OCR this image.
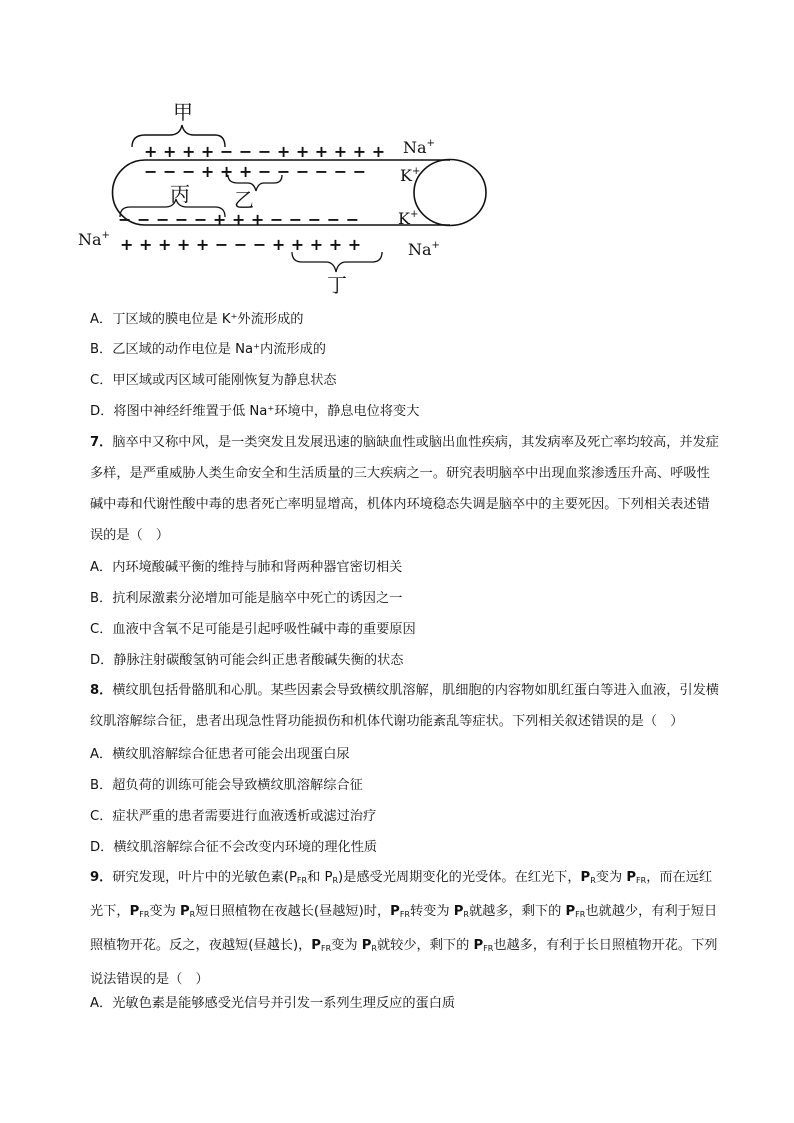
甲
+ + + + − − − + + + + + + Na+
− − − + + + − − − − − − K+
乙
丙
− − − − − + + + − − − − − K+
Na+ + + + + + − − − + + + + +	Na+
丁
A．丁区域的膜电位是 K⁺外流形成的
B．乙区域的动作电位是 Na⁺内流形成的
C．甲区域或丙区域可能刚恢复为静息状态
D．将图中神经纤维置于低 Na⁺环境中，静息电位将变大
7．脑卒中又称中风，是一类突发且发展迅速的脑缺血性或脑出血性疾病，其发病率及死亡率均较高，并发症多样，是严重威胁人类生命安全和生活质量的三大疾病之一。研究表明脑卒中出现血浆渗透压升高、呼吸性碱中毒和代谢性酸中毒的患者死亡率明显增高，机体内环境稳态失调是脑卒中的主要死因。下列相关表述错误的是（　）
A．内环境酸碱平衡的维持与肺和肾两种器官密切相关
B．抗利尿激素分泌增加可能是脑卒中死亡的诱因之一
C．血液中含氧不足可能是引起呼吸性碱中毒的重要原因
D．静脉注射碳酸氢钠可能会纠正患者酸碱失衡的状态
8．横纹肌包括骨骼肌和心肌。某些因素会导致横纹肌溶解，肌细胞的内容物如肌红蛋白等进入血液，引发横纹肌溶解综合征，患者出现急性肾功能损伤和机体代谢功能紊乱等症状。下列相关叙述错误的是（　）
A．横纹肌溶解综合征患者可能会出现蛋白尿
B．超负荷的训练可能会导致横纹肌溶解综合征
C．症状严重的患者需要进行血液透析或滤过治疗
D．横纹肌溶解综合征不会改变内环境的理化性质
9．研究发现，叶片中的光敏色素($P_{FR}$和 $P_R$)是感受光周期变化的光受体。在红光下，$P_R$变为 $P_{FR}$，而在远红光下，$P_{FR}$变为 $P_R$短日照植物在夜越长(昼越短)时，$P_{FR}$转变为 $P_R$就越多，剩下的 $P_{FR}$也就越少，有利于短日照植物开花。反之，夜越短(昼越长)，$P_{FR}$变为 $P_R$就较少，剩下的 $P_{FR}$也越多，有利于长日照植物开花。下列说法错误的是（　）
A．光敏色素是能够感受光信号并引发一系列生理反应的蛋白质
